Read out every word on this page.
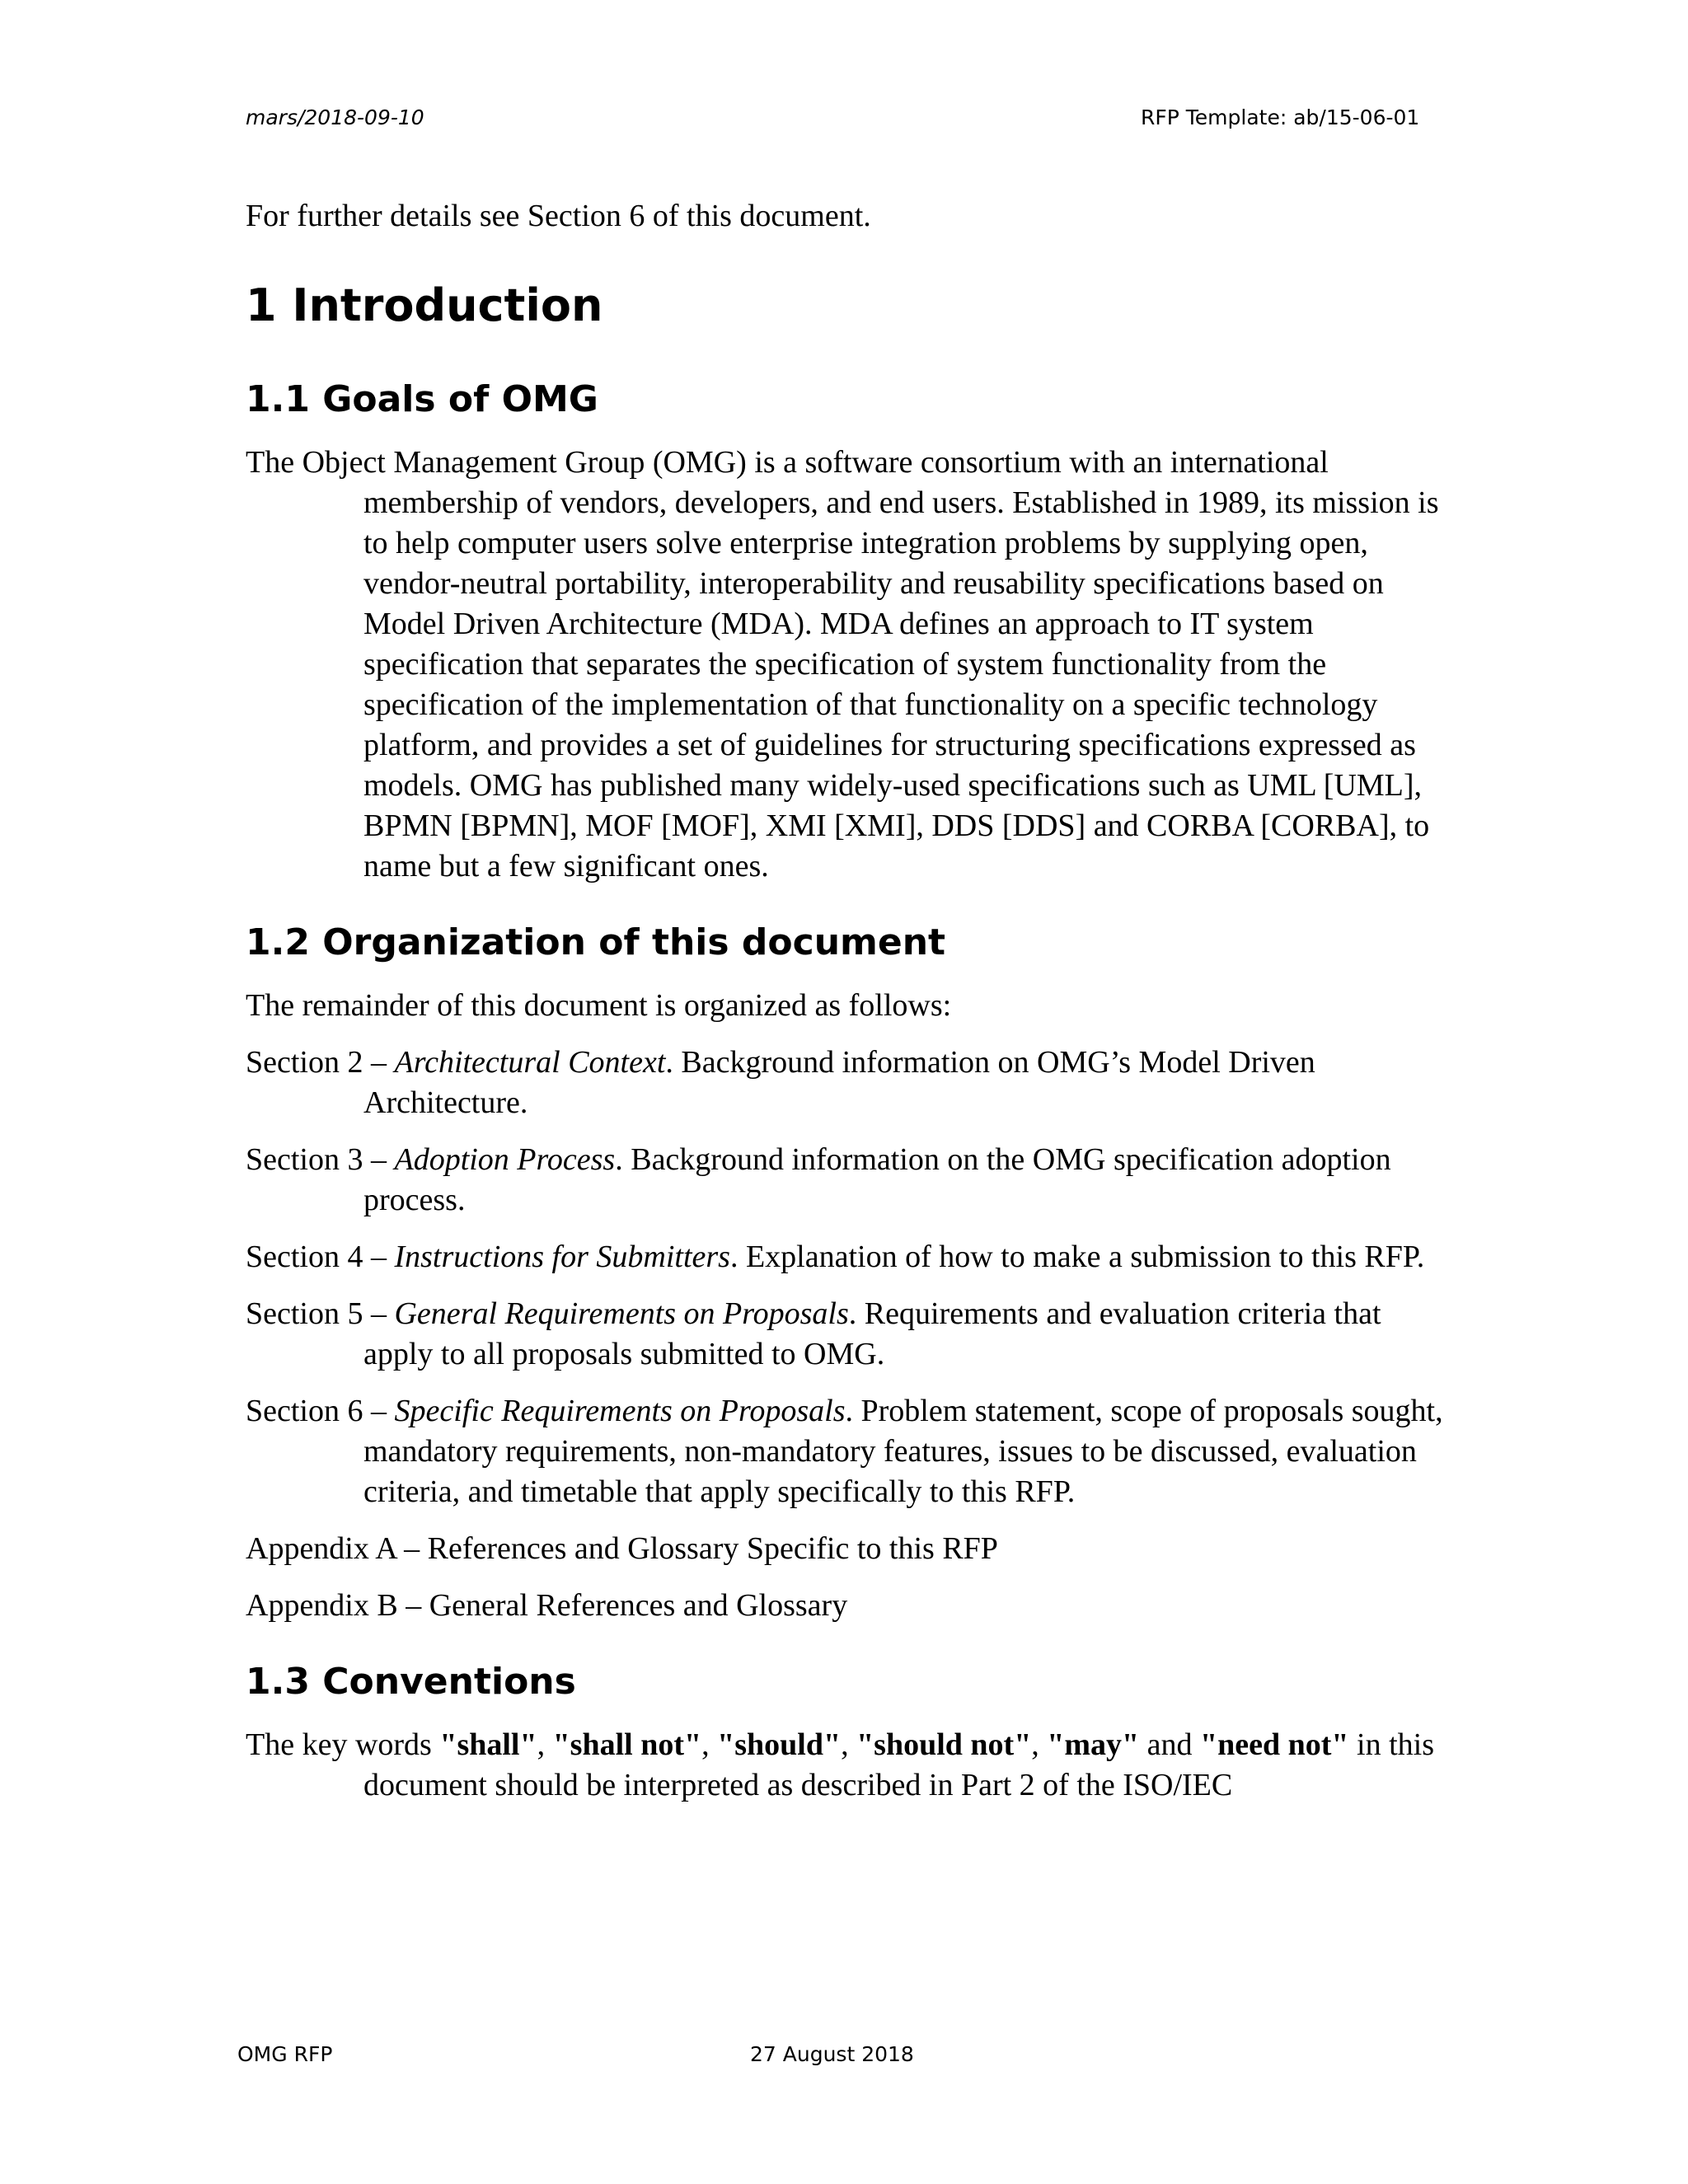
mars/2018-09-10	RFP Template: ab/15-06-01

For further details see Section 6 of this document.

1 Introduction
1.1 Goals of OMG

The Object Management Group (OMG) is a software consortium with an international membership of vendors, developers, and end users. Established in 1989, its mission is to help computer users solve enterprise integration problems by supplying open, vendor-neutral portability, interoperability and reusability specifications based on Model Driven Architecture (MDA). MDA defines an approach to IT system specification that separates the specification of system functionality from the specification of the implementation of that functionality on a specific technology platform, and provides a set of guidelines for structuring specifications expressed as models. OMG has published many widely-used specifications such as UML [UML], BPMN [BPMN], MOF [MOF], XMI [XMI], DDS [DDS] and CORBA [CORBA], to name but a few significant ones.

1.2 Organization of this document

The remainder of this document is organized as follows:

Section 2 – Architectural Context. Background information on OMG’s Model Driven Architecture.

Section 3 – Adoption Process. Background information on the OMG specification adoption process.

Section 4 – Instructions for Submitters. Explanation of how to make a submission to this RFP.

Section 5 – General Requirements on Proposals. Requirements and evaluation criteria that apply to all proposals submitted to OMG.

Section 6 – Specific Requirements on Proposals. Problem statement, scope of proposals sought, mandatory requirements, non-mandatory features, issues to be discussed, evaluation criteria, and timetable that apply specifically to this RFP.

Appendix A – References and Glossary Specific to this RFP

Appendix B – General References and Glossary

1.3 Conventions

The key words "shall", "shall not", "should", "should not", "may" and "need not" in this document should be interpreted as described in Part 2 of the ISO/IEC

OMG RFP	27 August 2018
